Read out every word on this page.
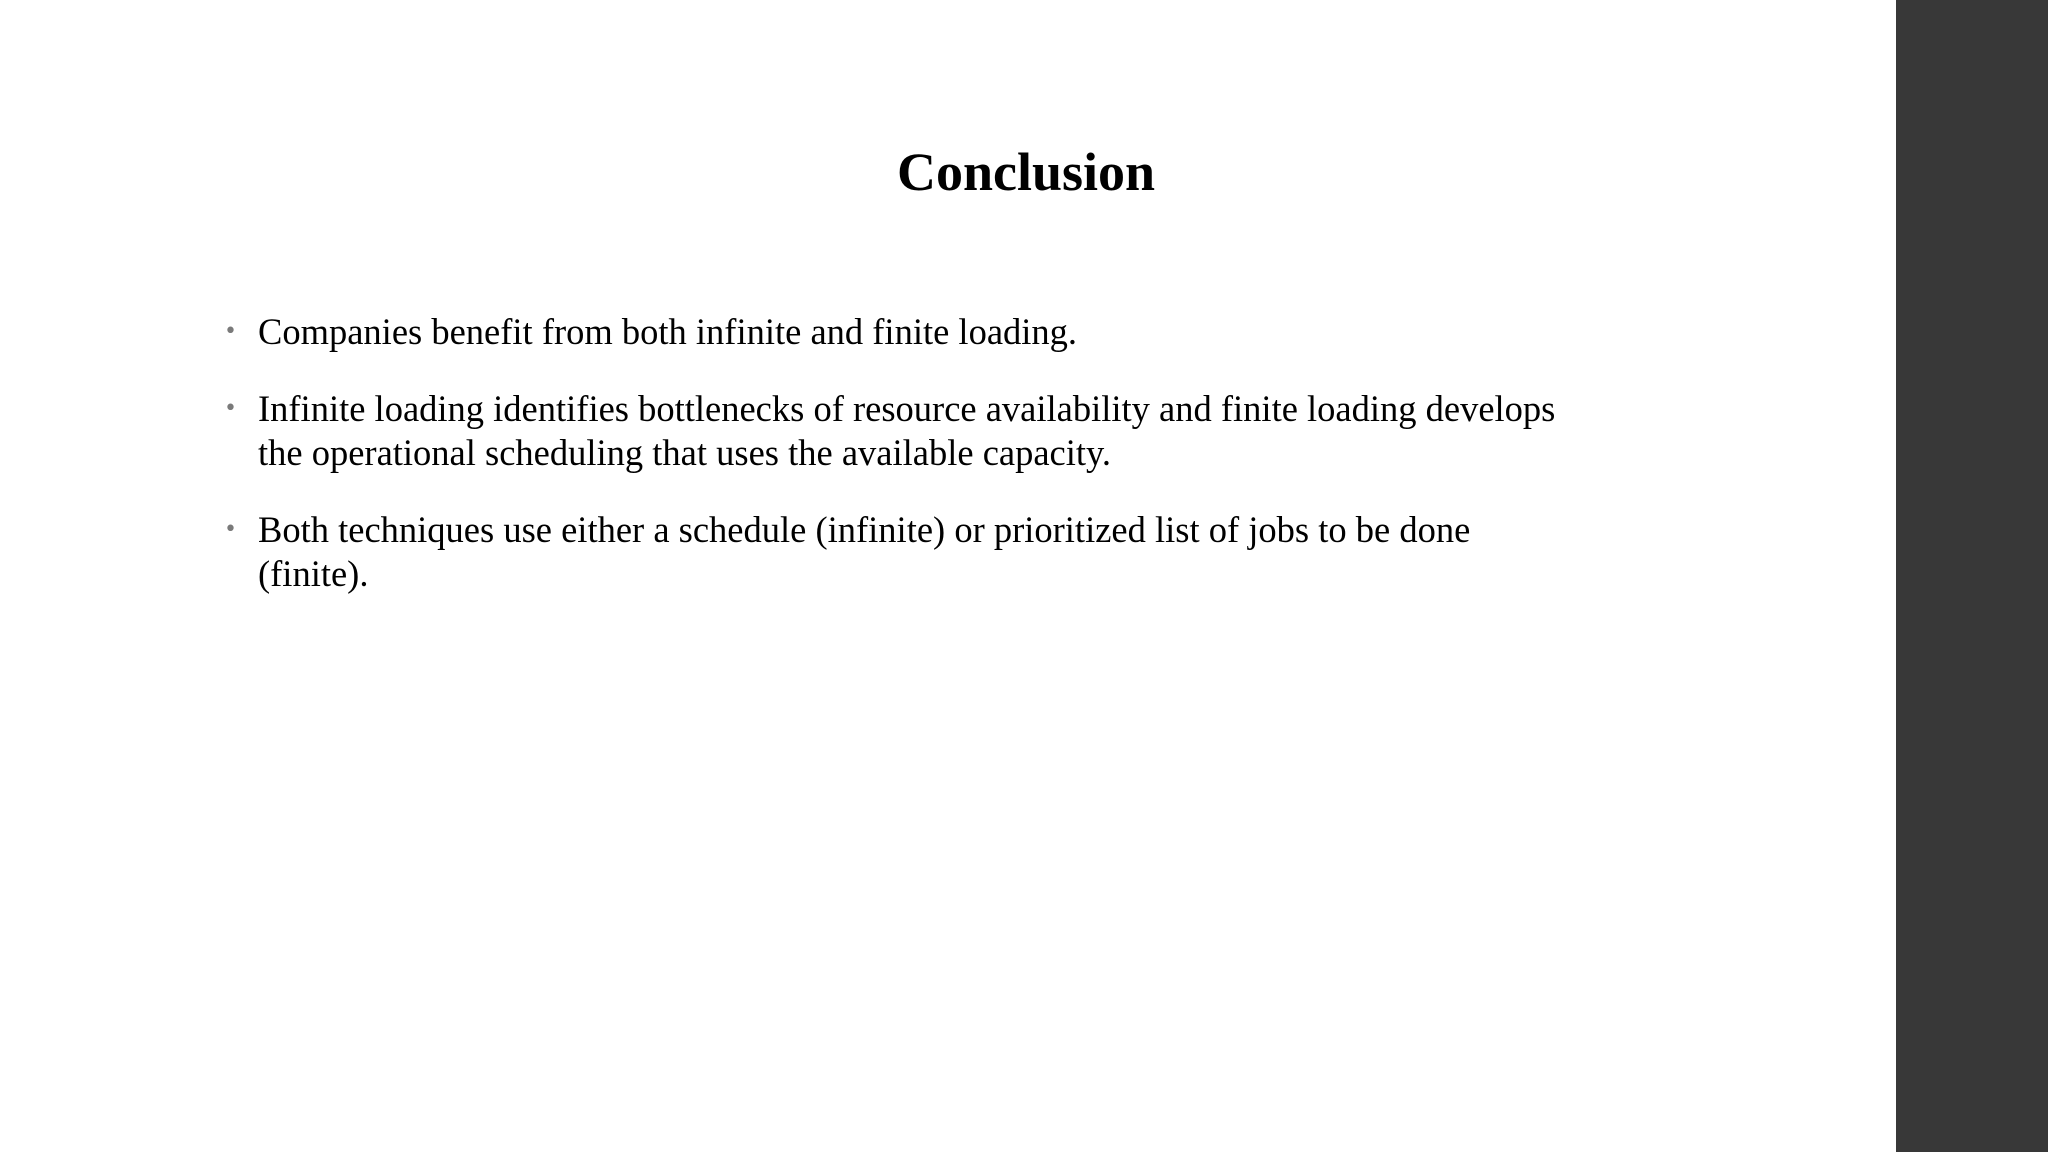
Conclusion
• Companies benefit from both infinite and finite loading.
• Infinite loading identifies bottlenecks of resource availability and finite loading develops the operational scheduling that uses the available capacity.
• Both techniques use either a schedule (infinite) or prioritized list of jobs to be done (finite).
